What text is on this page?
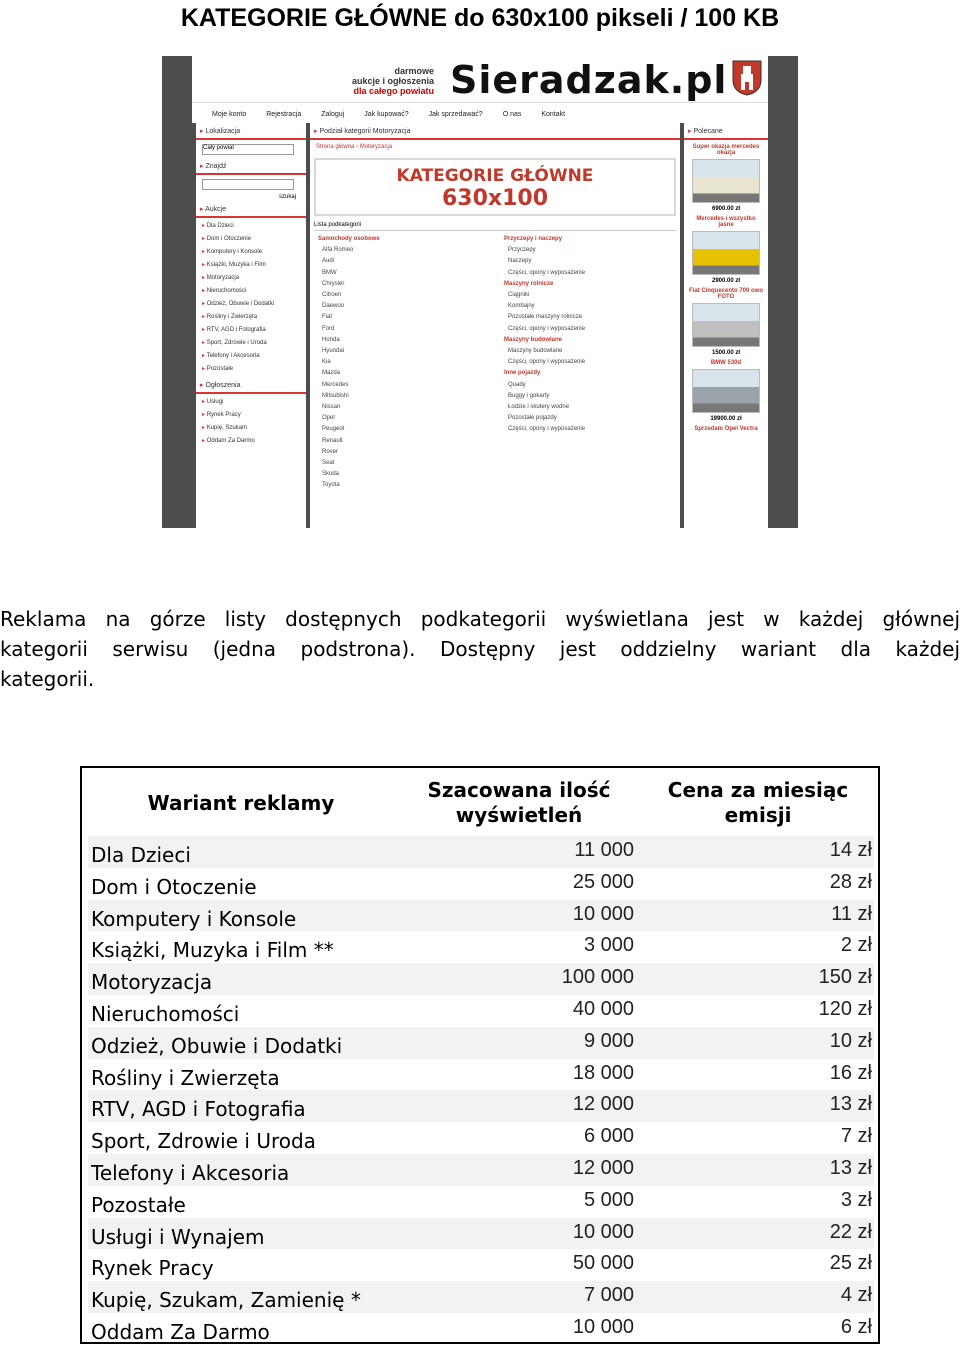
KATEGORIE GŁÓWNE do 630x100 pikseli / 100 KB
darmowe
aukcje i ogłoszenia
dla całego powiatu Sieradzak.pl
Moje konto	Rejestracja	Zaloguj	Jak kupować?	Jak sprzedawać?	O nas	Kontakt
▸ Lokalizacja
Cały powiat
▸ Znajdź
szukaj
▸ Aukcje
▸ Dla Dzieci
▸ Dom i Otoczenie
▸ Komputery i Konsole
▸ Książki, Muzyka i Film
▸ Motoryzacja
▸ Nieruchomości
▸ Odzież, Obuwie i Dodatki
▸ Rośliny i Zwierzęta
▸ RTV, AGD i Fotografia
▸ Sport, Zdrowie i Uroda
▸ Telefony i Akcesoria
▸ Pozostałe
▸ Ogłoszenia
▸ Usługi
▸ Rynek Pracy
▸ Kupię, Szukam
▸ Oddam Za Darmo
▸ Podział kategorii Motoryzacja
Strona główna › Motoryzacja
KATEGORIE GŁÓWNE
630x100
Lista podkategorii
Samochody osobowe
Alfa Romeo
Audi
BMW
Chrysler
Citroen
Daewoo
Fiat
Ford
Honda
Hyundai
Kia
Mazda
Mercedes
Mitsubishi
Nissan
Opel
Peugeot
Renault
Rover
Seat
Skoda
Toyota
Przyczepy i naczepy
Przyczepy
Naczepy
Części, opony i wyposażenie
Maszyny rolnicze
Ciągniki
Kombajny
Pozostałe maszyny rolnicze
Części, opony i wyposażenie
Maszyny budowlane
Maszyny budowlane
Części, opony i wyposażenie
Inne pojazdy
Quady
Buggy i gokarty
Łodzie i skutery wodne
Pozostałe pojazdy
Części, opony i wyposażenie
▸ Polecane
Super okazja mercedes okazja
6900.00 zł
Mercedes i wszystko jasne
2900.00 zł
Fiat Cinquecento 700 owo FOTO
1500.00 zł
BMW 530d
19900.00 zł
Sprzedam Opel Vectra
Reklama na górze listy dostępnych podkategorii wyświetlana jest w każdej głównej
kategorii serwisu (jedna podstrona). Dostępny jest oddzielny wariant dla każdej
kategorii.
Wariant reklamy
Szacowana ilość
wyświetleń
Cena za miesiąc
emisji
Dla Dzieci	11 000	14 zł
Dom i Otoczenie	25 000	28 zł
Komputery i Konsole	10 000	11 zł
Książki, Muzyka i Film **	3 000	2 zł
Motoryzacja	100 000	150 zł
Nieruchomości	40 000	120 zł
Odzież, Obuwie i Dodatki	9 000	10 zł
Rośliny i Zwierzęta	18 000	16 zł
RTV, AGD i Fotografia	12 000	13 zł
Sport, Zdrowie i Uroda	6 000	7 zł
Telefony i Akcesoria	12 000	13 zł
Pozostałe	5 000	3 zł
Usługi i Wynajem	10 000	22 zł
Rynek Pracy	50 000	25 zł
Kupię, Szukam, Zamienię *	7 000	4 zł
Oddam Za Darmo	10 000	6 zł
